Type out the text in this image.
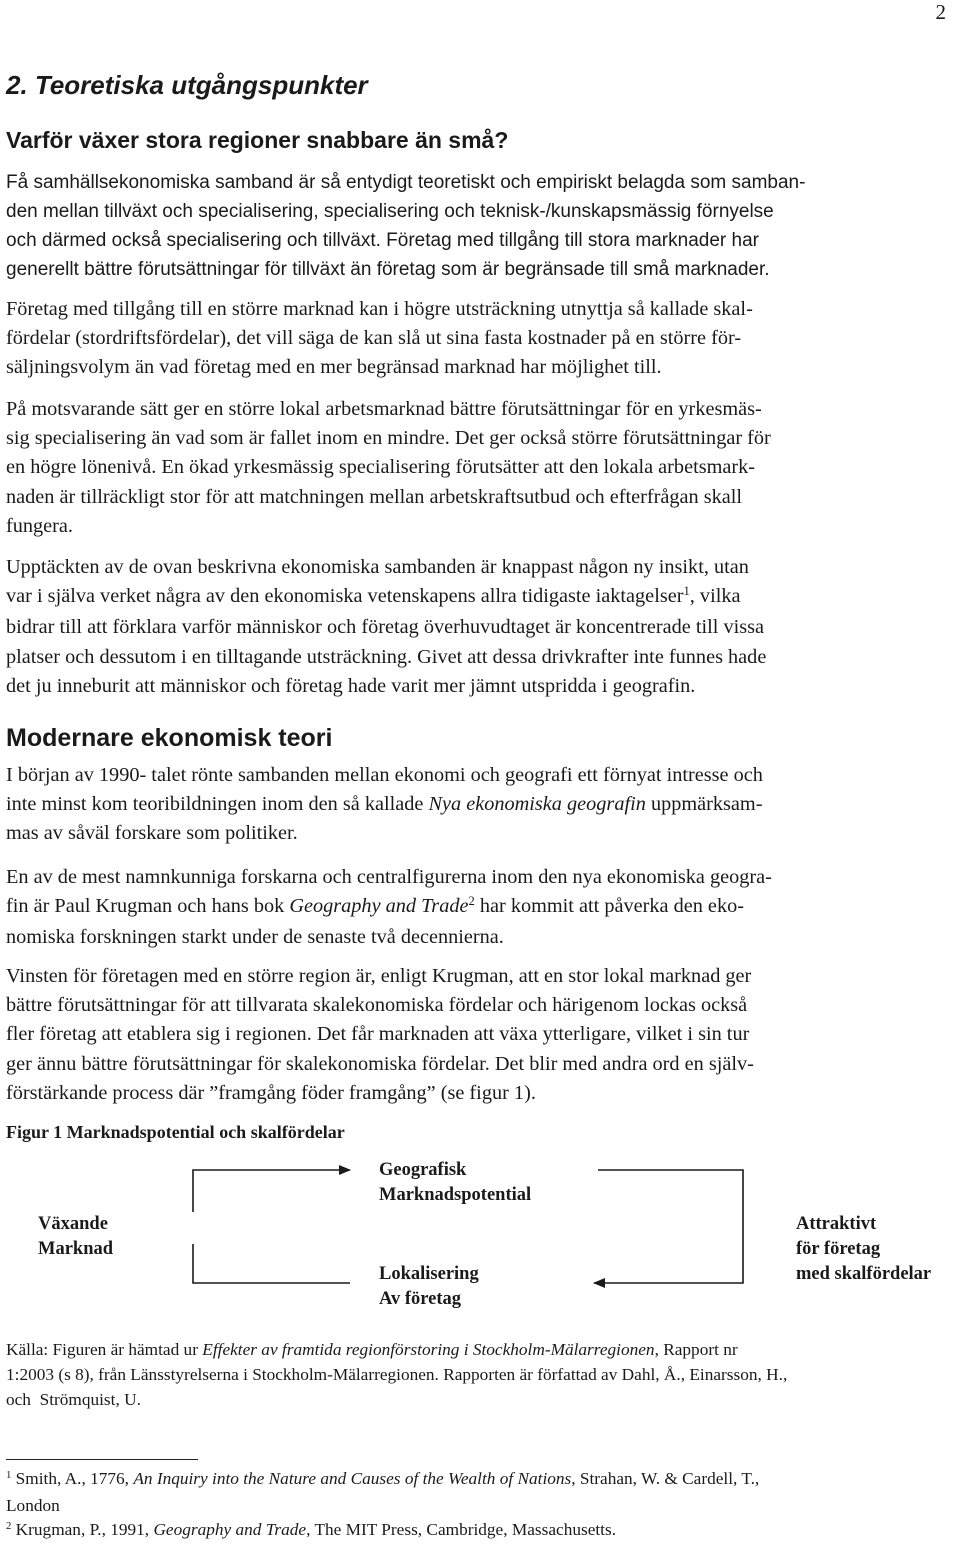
2
2. Teoretiska utgångspunkter
Varför växer stora regioner snabbare än små?
Få samhällsekonomiska samband är så entydigt teoretiskt och empiriskt belagda som samban-
den mellan tillväxt och specialisering, specialisering och teknisk-/kunskapsmässig förnyelse
och därmed också specialisering och tillväxt. Företag med tillgång till stora marknader har
generellt bättre förutsättningar för tillväxt än företag som är begränsade till små marknader.
Företag med tillgång till en större marknad kan i högre utsträckning utnyttja så kallade skal-
fördelar (stordriftsfördelar), det vill säga de kan slå ut sina fasta kostnader på en större för-
säljningsvolym än vad företag med en mer begränsad marknad har möjlighet till.
På motsvarande sätt ger en större lokal arbetsmarknad bättre förutsättningar för en yrkesmäs-
sig specialisering än vad som är fallet inom en mindre. Det ger också större förutsättningar för
en högre lönenivå. En ökad yrkesmässig specialisering förutsätter att den lokala arbetsmark-
naden är tillräckligt stor för att matchningen mellan arbetskraftsutbud och efterfrågan skall
fungera.
Upptäckten av de ovan beskrivna ekonomiska sambanden är knappast någon ny insikt, utan
var i själva verket några av den ekonomiska vetenskapens allra tidigaste iaktagelser$^1$, vilka
bidrar till att förklara varför människor och företag överhuvudtaget är koncentrerade till vissa
platser och dessutom i en tilltagande utsträckning. Givet att dessa drivkrafter inte funnes hade
det ju inneburit att människor och företag hade varit mer jämnt utspridda i geografin.
Modernare ekonomisk teori
I början av 1990- talet rönte sambanden mellan ekonomi och geografi ett förnyat intresse och
inte minst kom teoribildningen inom den så kallade Nya ekonomiska geografin uppmärksam-
mas av såväl forskare som politiker.
En av de mest namnkunniga forskarna och centralfigurerna inom den nya ekonomiska geogra-
fin är Paul Krugman och hans bok Geography and Trade$^2$ har kommit att påverka den eko-
nomiska forskningen starkt under de senaste två decennierna.
Vinsten för företagen med en större region är, enligt Krugman, att en stor lokal marknad ger
bättre förutsättningar för att tillvarata skalekonomiska fördelar och härigenom lockas också
fler företag att etablera sig i regionen. Det får marknaden att växa ytterligare, vilket i sin tur
ger ännu bättre förutsättningar för skalekonomiska fördelar. Det blir med andra ord en själv-
förstärkande process där ”framgång föder framgång” (se figur 1).
Figur 1 Marknadspotential och skalfördelar
Växande
Marknad
Geografisk
Marknadspotential
Lokalisering
Av företag
Attraktivt
för företag
med skalfördelar
Källa: Figuren är hämtad ur Effekter av framtida regionförstoring i Stockholm-Mälarregionen, Rapport nr
1:2003 (s 8), från Länsstyrelserna i Stockholm-Mälarregionen. Rapporten är författad av Dahl, Å., Einarsson, H.,
och  Strömquist, U.
$^1$ Smith, A., 1776, An Inquiry into the Nature and Causes of the Wealth of Nations, Strahan, W. & Cardell, T.,
London
$^2$ Krugman, P., 1991, Geography and Trade, The MIT Press, Cambridge, Massachusetts.
